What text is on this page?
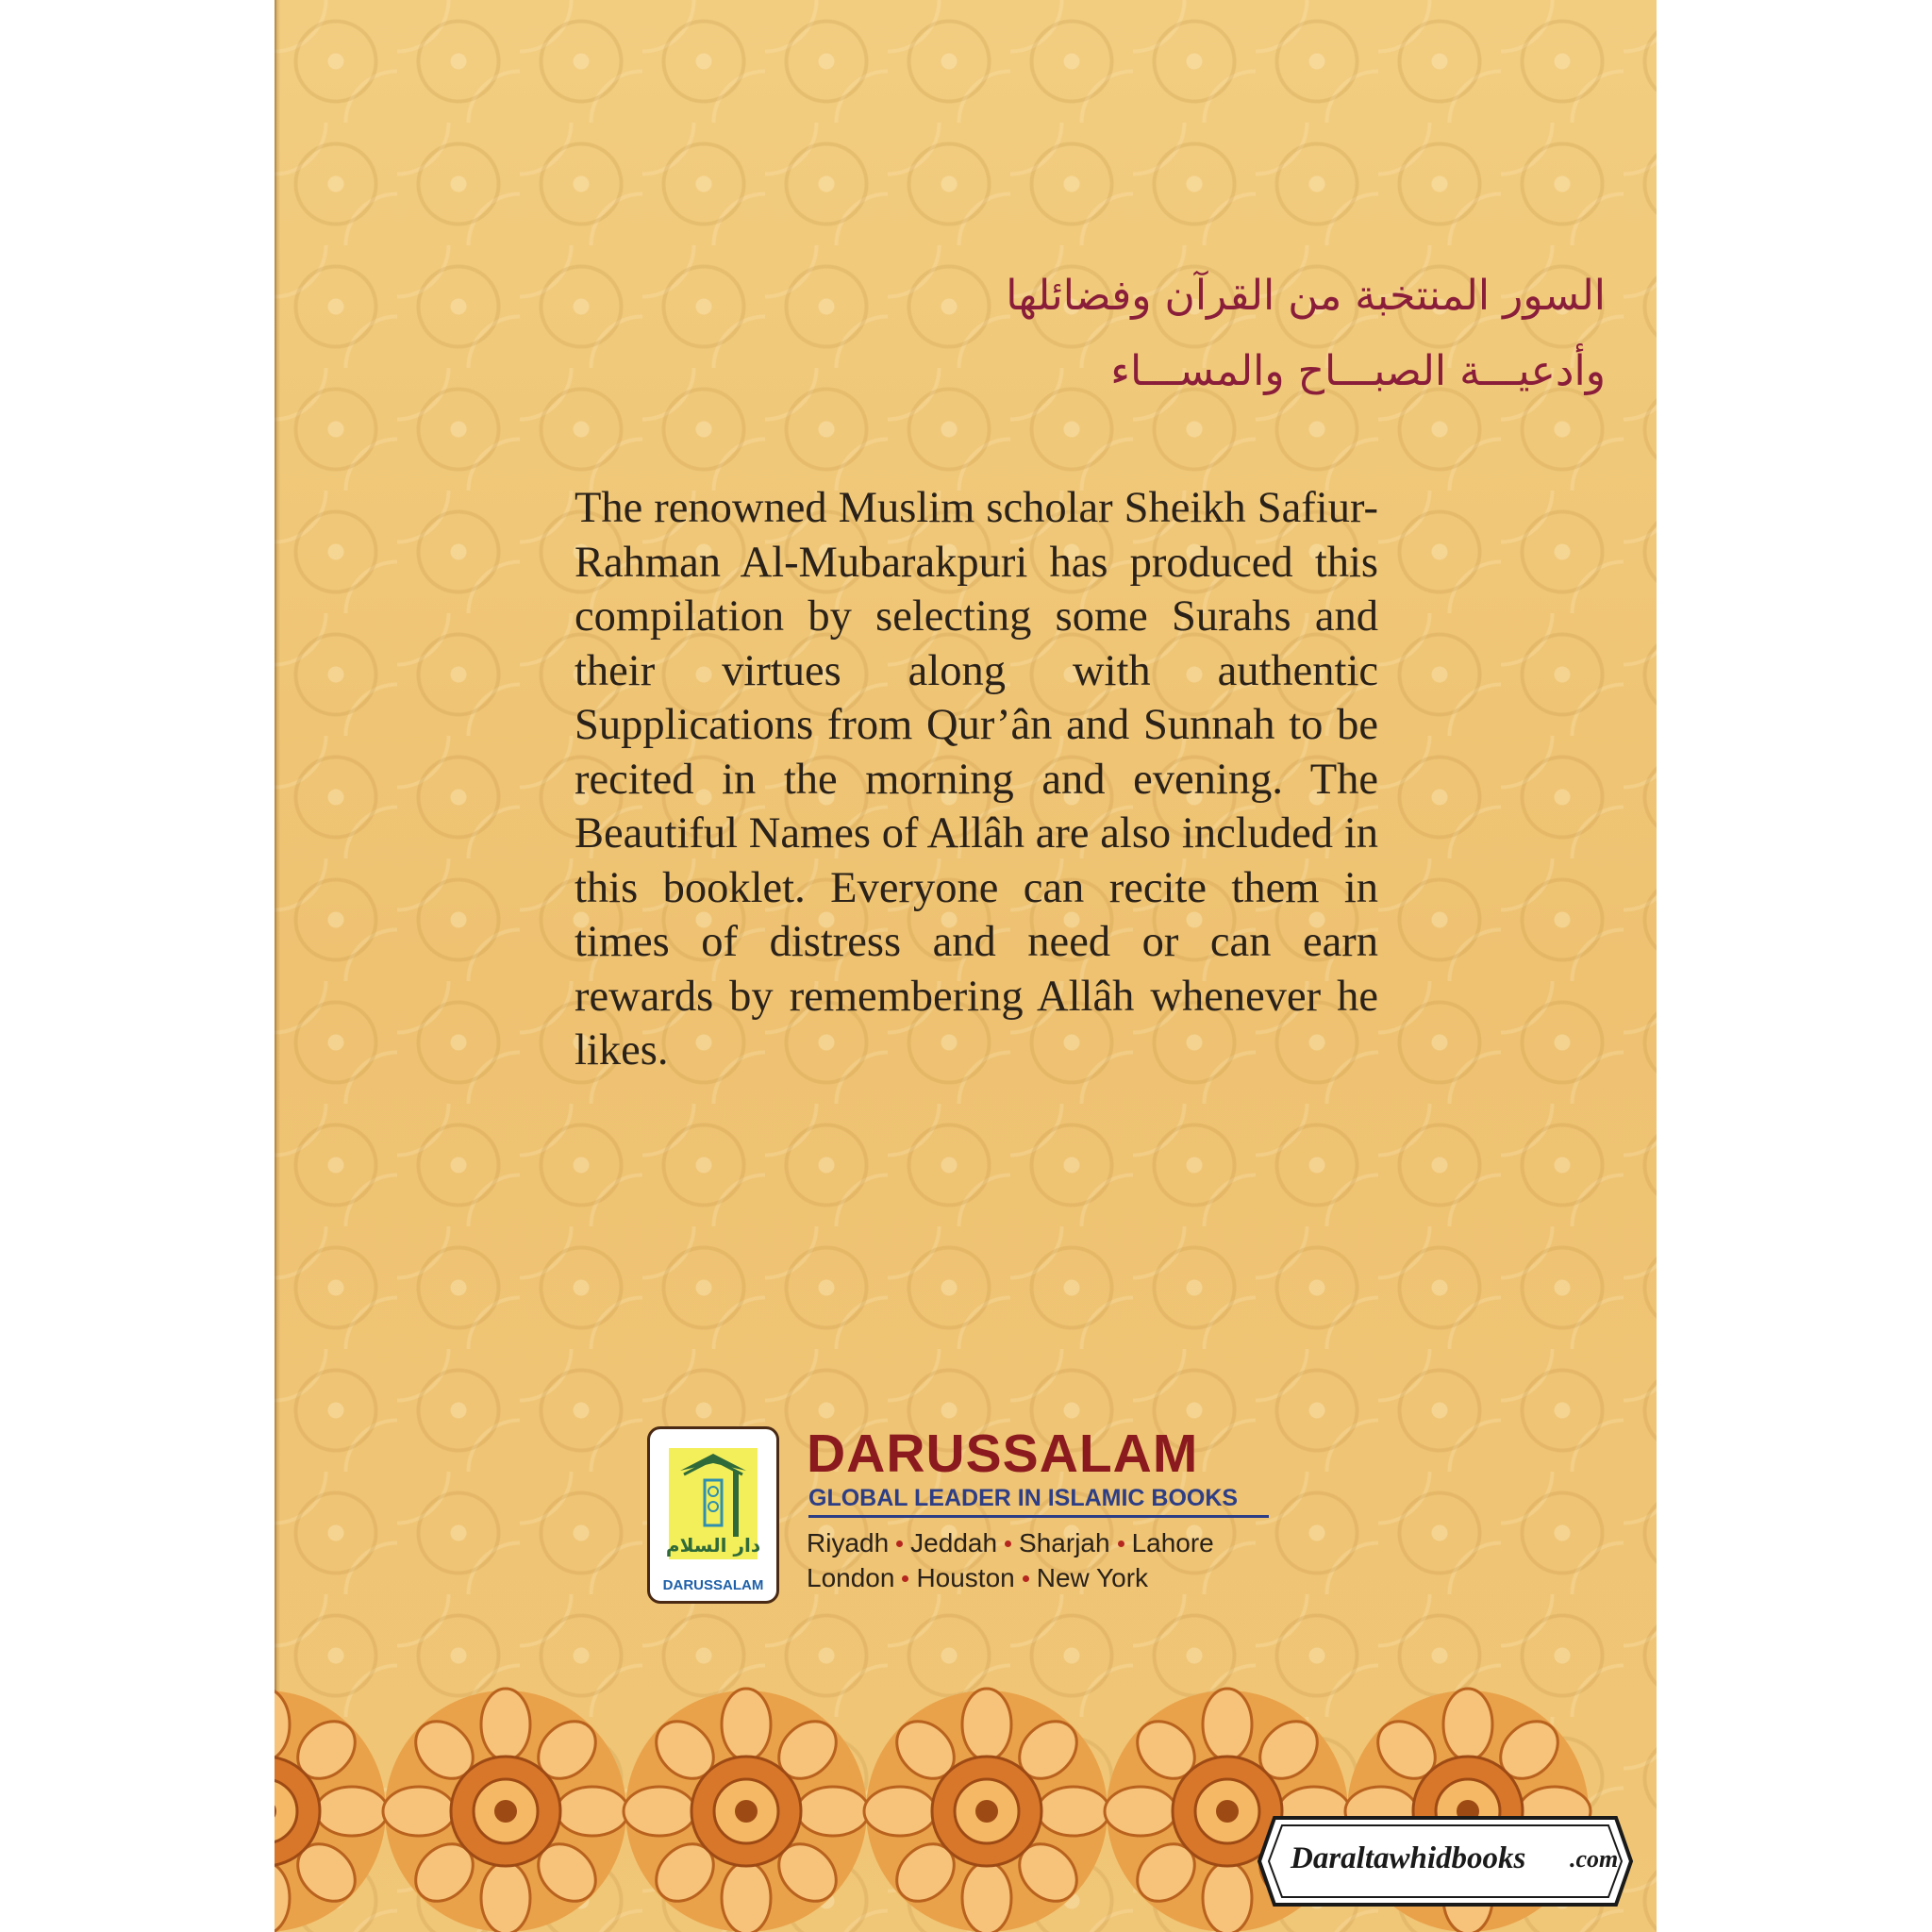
السور المنتخبة من القرآن وفضائلها
وأدعيـــة الصبـــاح والمســـاء

The renowned Muslim scholar Sheikh Safiur-Rahman Al-Mubarakpuri has produced this compilation by selecting some Surahs and their virtues along with authentic Supplications from Qur’ân and Sunnah to be recited in the morning and evening. The Beautiful Names of Allâh are also included in this booklet. Everyone can recite them in times of distress and need or can earn rewards by remembering Allâh whenever he likes.

دار السلام
DARUSSALAM
DARUSSALAM
GLOBAL LEADER IN ISLAMIC BOOKS
Riyadh Jeddah Sharjah Lahore
London Houston New York
Daraltawhidbooks .com
